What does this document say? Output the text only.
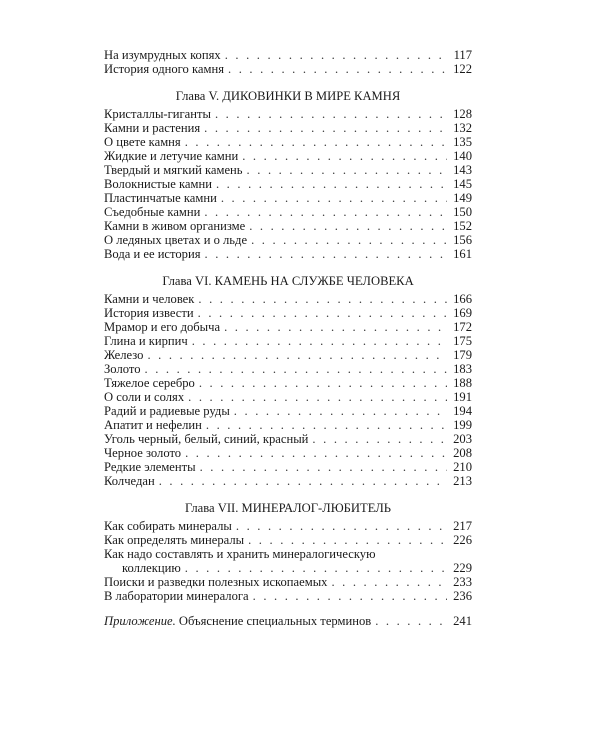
На изумрудных копях . . .	117
История одного камня . . .	122
Глава V. ДИКОВИНКИ В МИРЕ КАМНЯ
Кристаллы-гиганты . . .	128
Камни и растения . . .	132
О цвете камня . . .	135
Жидкие и летучие камни . . .	140
Твердый и мягкий камень . . .	143
Волокнистые камни . . .	145
Пластинчатые камни . . .	149
Съедобные камни . . .	150
Камни в живом организме . . .	152
О ледяных цветах и о льде . . .	156
Вода и ее история . . .	161
Глава VI. КАМЕНЬ НА СЛУЖБЕ ЧЕЛОВЕКА
Камни и человек . . .	166
История извести . . .	169
Мрамор и его добыча . . .	172
Глина и кирпич . . .	175
Железо . . .	179
Золото . . .	183
Тяжелое серебро . . .	188
О соли и солях . . .	191
Радий и радиевые руды . . .	194
Апатит и нефелин . . .	199
Уголь черный, белый, синий, красный . . .	203
Черное золото . . .	208
Редкие элементы . . .	210
Колчедан . . .	213
Глава VII. МИНЕРАЛОГ-ЛЮБИТЕЛЬ
Как собирать минералы . . .	217
Как определять минералы . . .	226
Как надо составлять и хранить минералогическую
коллекцию . . .	229
Поиски и разведки полезных ископаемых . . .	233
В лаборатории минералога . . .	236
Приложение. Объяснение специальных терминов . . .	241
